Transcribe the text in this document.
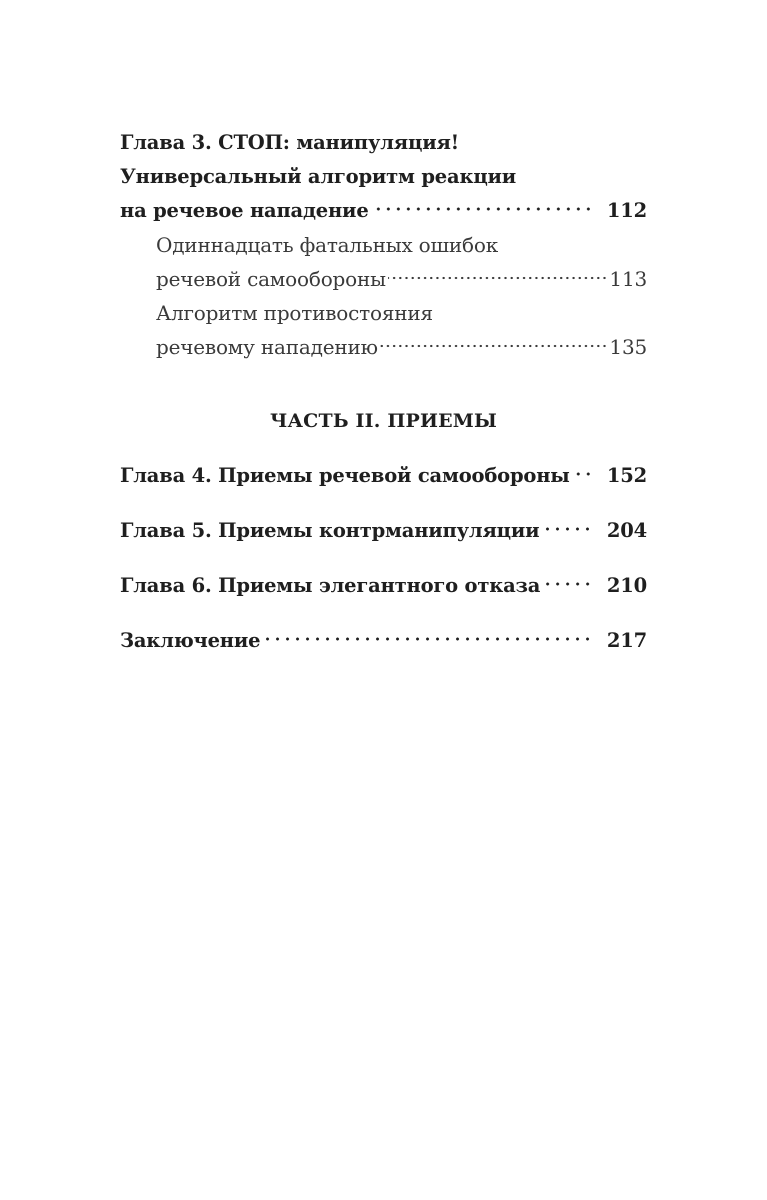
Глава 3. СТОП: манипуляция!
Универсальный алгоритм реакции
на речевое нападение	112
Одиннадцать фатальных ошибок
речевой самообороны	113
Алгоритм противостояния
речевому нападению	135
ЧАСТЬ II. ПРИЕМЫ
Глава 4. Приемы речевой самообороны 152
Глава 5. Приемы контрманипуляции	204
Глава 6. Приемы элегантного отказа	210
Заключение	217
